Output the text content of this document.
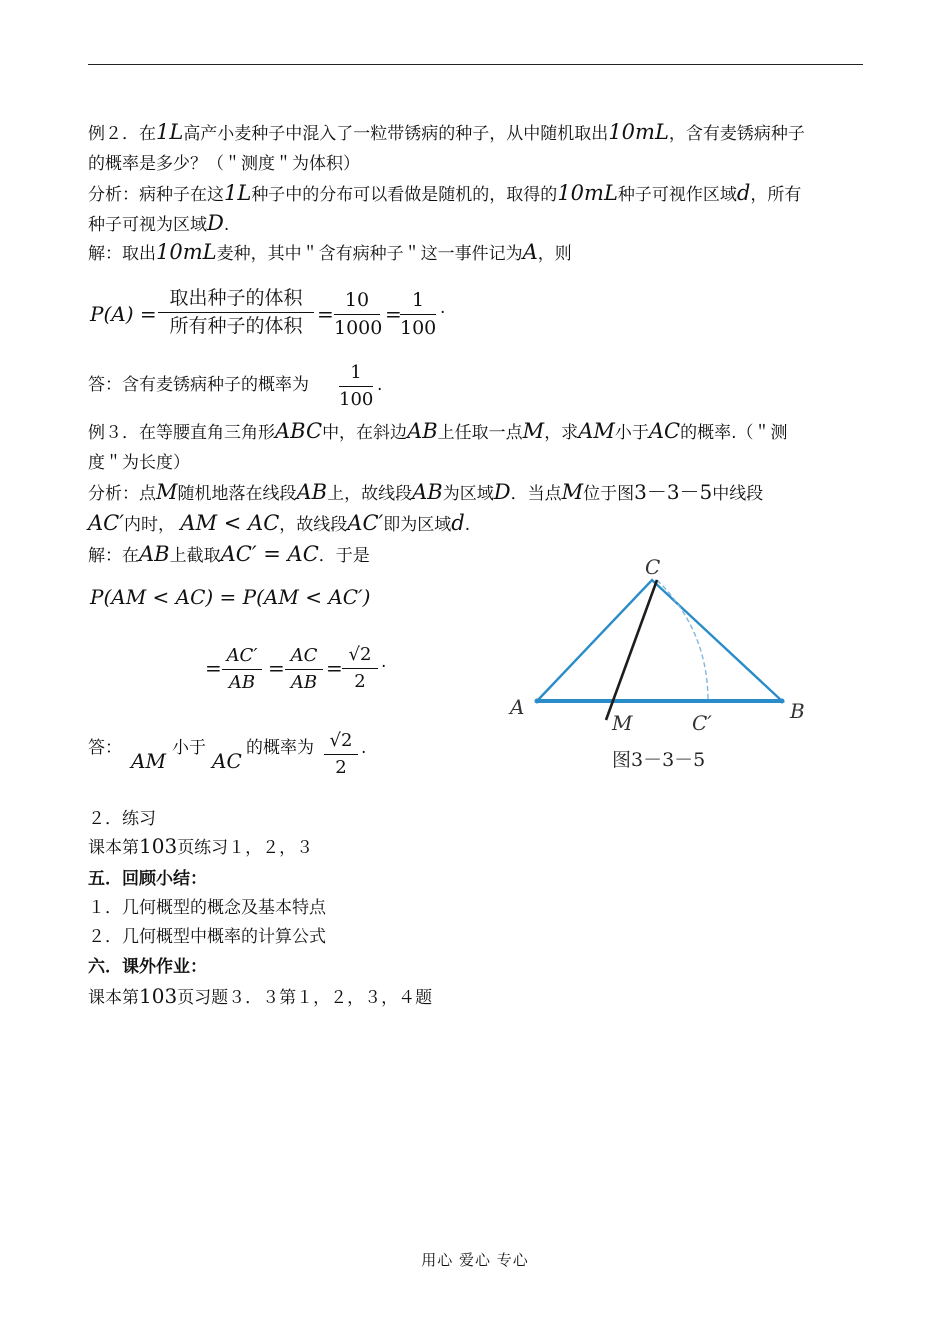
例２．在1L高产小麦种子中混入了一粒带锈病的种子，从中随机取出10mL，含有麦锈病种子
的概率是多少？（＂测度＂为体积）
分析：病种子在这1L种子中的分布可以看做是随机的，取得的10mL种子可视作区域d，所有
种子可视为区域D.
解：取出10mL麦种，其中＂含有病种子＂这一事件记为A，则
P(A) =
取出种子的体积
所有种子的体积 =
10
1000
=
1
100
.
答：含有麦锈病种子的概率为
1
100
.
例３．在等腰直角三角形ABC中，在斜边AB上任取一点M，求AM小于AC的概率.（＂测
度＂为长度）
分析：点M随机地落在线段AB上，故线段AB为区域D．当点M位于图3－3－5中线段
AC′内时， AM < AC，故线段AC′即为区域d.
解：在AB上截取AC′ = AC．于是
P(AM < AC) = P(AM < AC′)
=
AC′
AB
=
AC
AB
=
√2
2
.
答：
AM
小于
AC
的概率为 √2
2
.
C
A
M	C′	B
图3－3－5
２．练习
课本第103页练习１，２，３
五．回顾小结：
１．几何概型的概念及基本特点
２．几何概型中概率的计算公式
六．课外作业：
课本第103页习题３．３第１，２，３，４题
用心 爱心 专心
